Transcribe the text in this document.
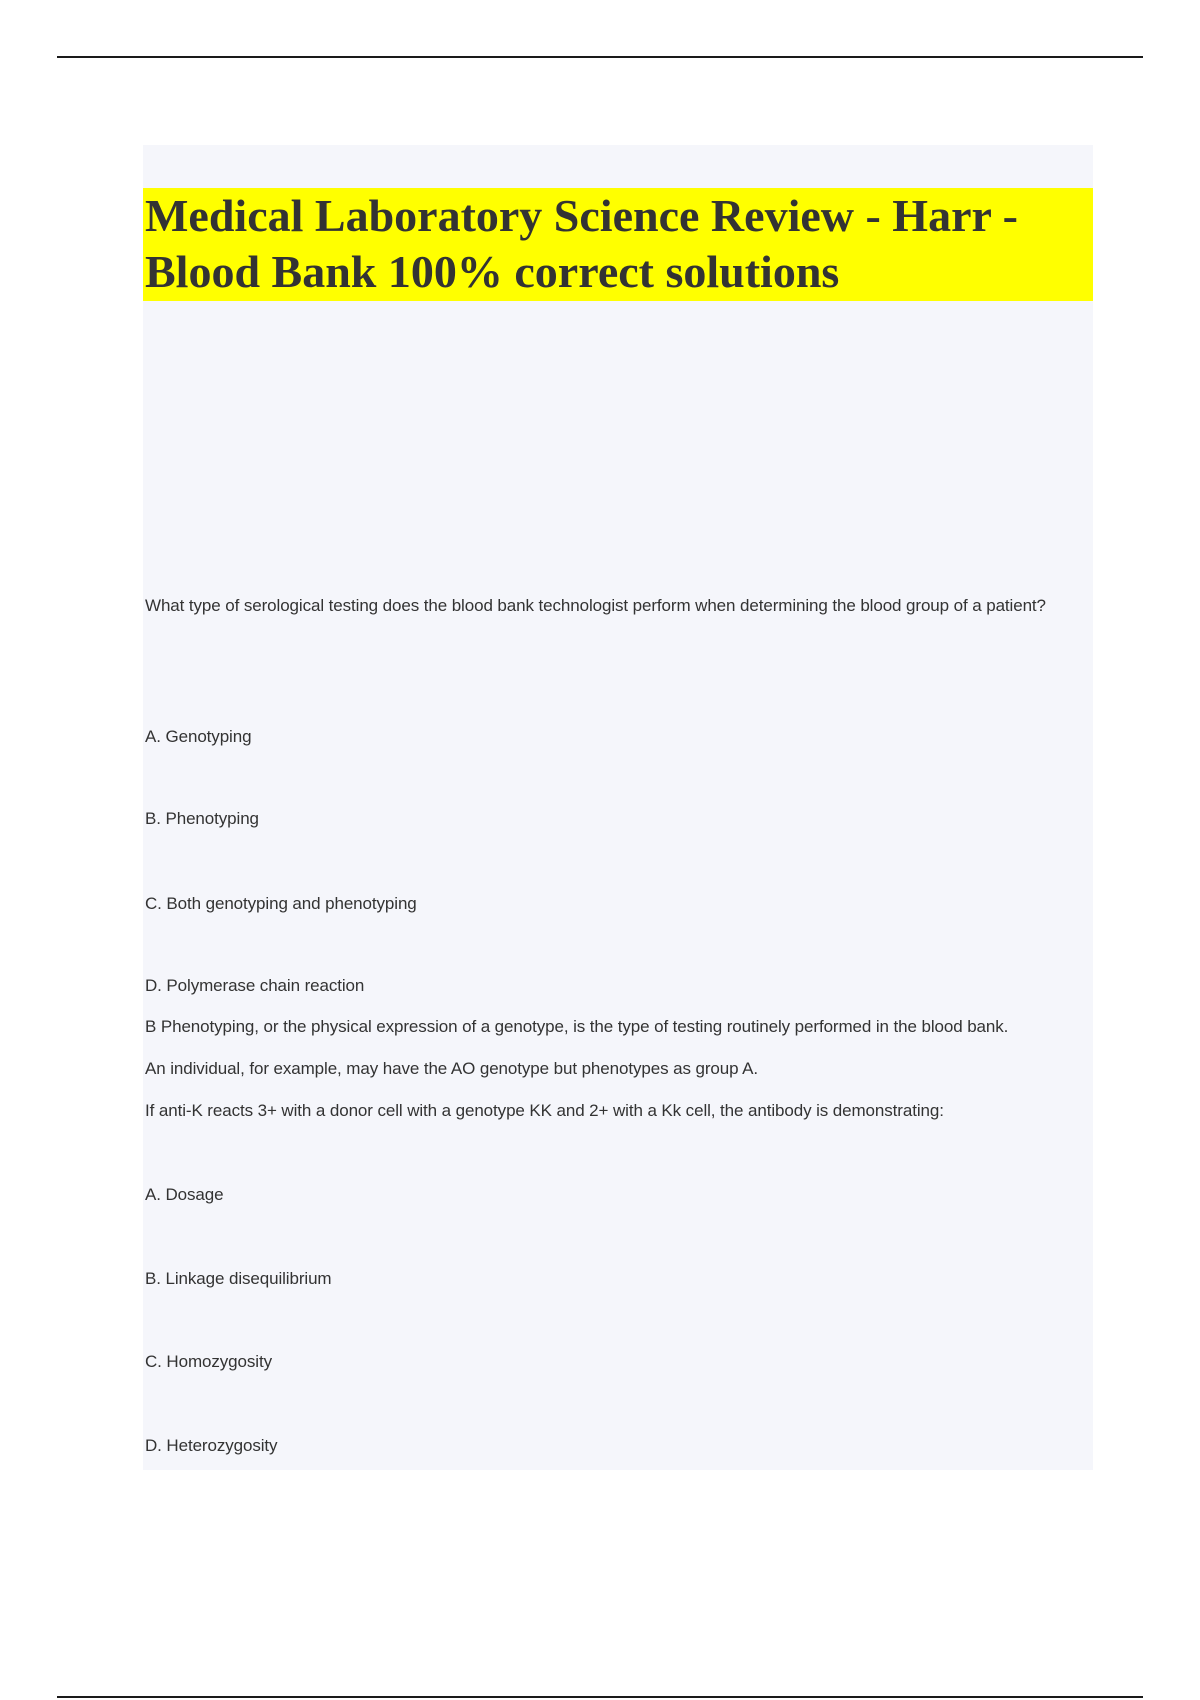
Medical Laboratory Science Review - Harr - Blood Bank 100% correct solutions

What type of serological testing does the blood bank technologist perform when determining the blood group of a patient?

A. Genotyping

B. Phenotyping

C. Both genotyping and phenotyping

D. Polymerase chain reaction

B Phenotyping, or the physical expression of a genotype, is the type of testing routinely performed in the blood bank.

An individual, for example, may have the AO genotype but phenotypes as group A.

If anti-K reacts 3+ with a donor cell with a genotype KK and 2+ with a Kk cell, the antibody is demonstrating:

A. Dosage

B. Linkage disequilibrium

C. Homozygosity

D. Heterozygosity
